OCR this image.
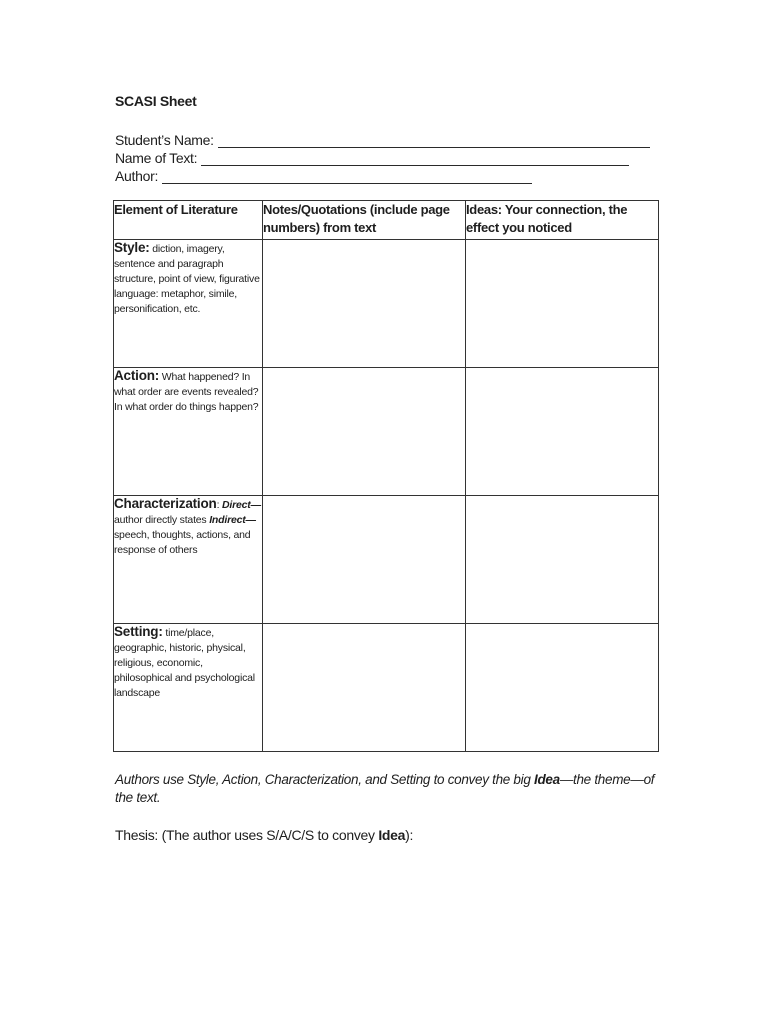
SCASI Sheet
Student’s Name:
Name of Text:
Author:
Element of Literature	Notes/Quotations (include page numbers) from text	Ideas: Your connection, the effect you noticed
Style: diction, imagery, sentence and paragraph structure, point of view, figurative language: metaphor, simile, personification, etc.		
Action: What happened? In what order are events revealed? In what order do things happen?		
Characterization: Direct— author directly states Indirect— speech, thoughts, actions, and response of others		
Setting: time/place, geographic, historic, physical, religious, economic, philosophical and psychological landscape		
Authors use Style, Action, Characterization, and Setting to convey the big Idea—the theme—of the text.
Thesis: (The author uses S/A/C/S to convey Idea):
